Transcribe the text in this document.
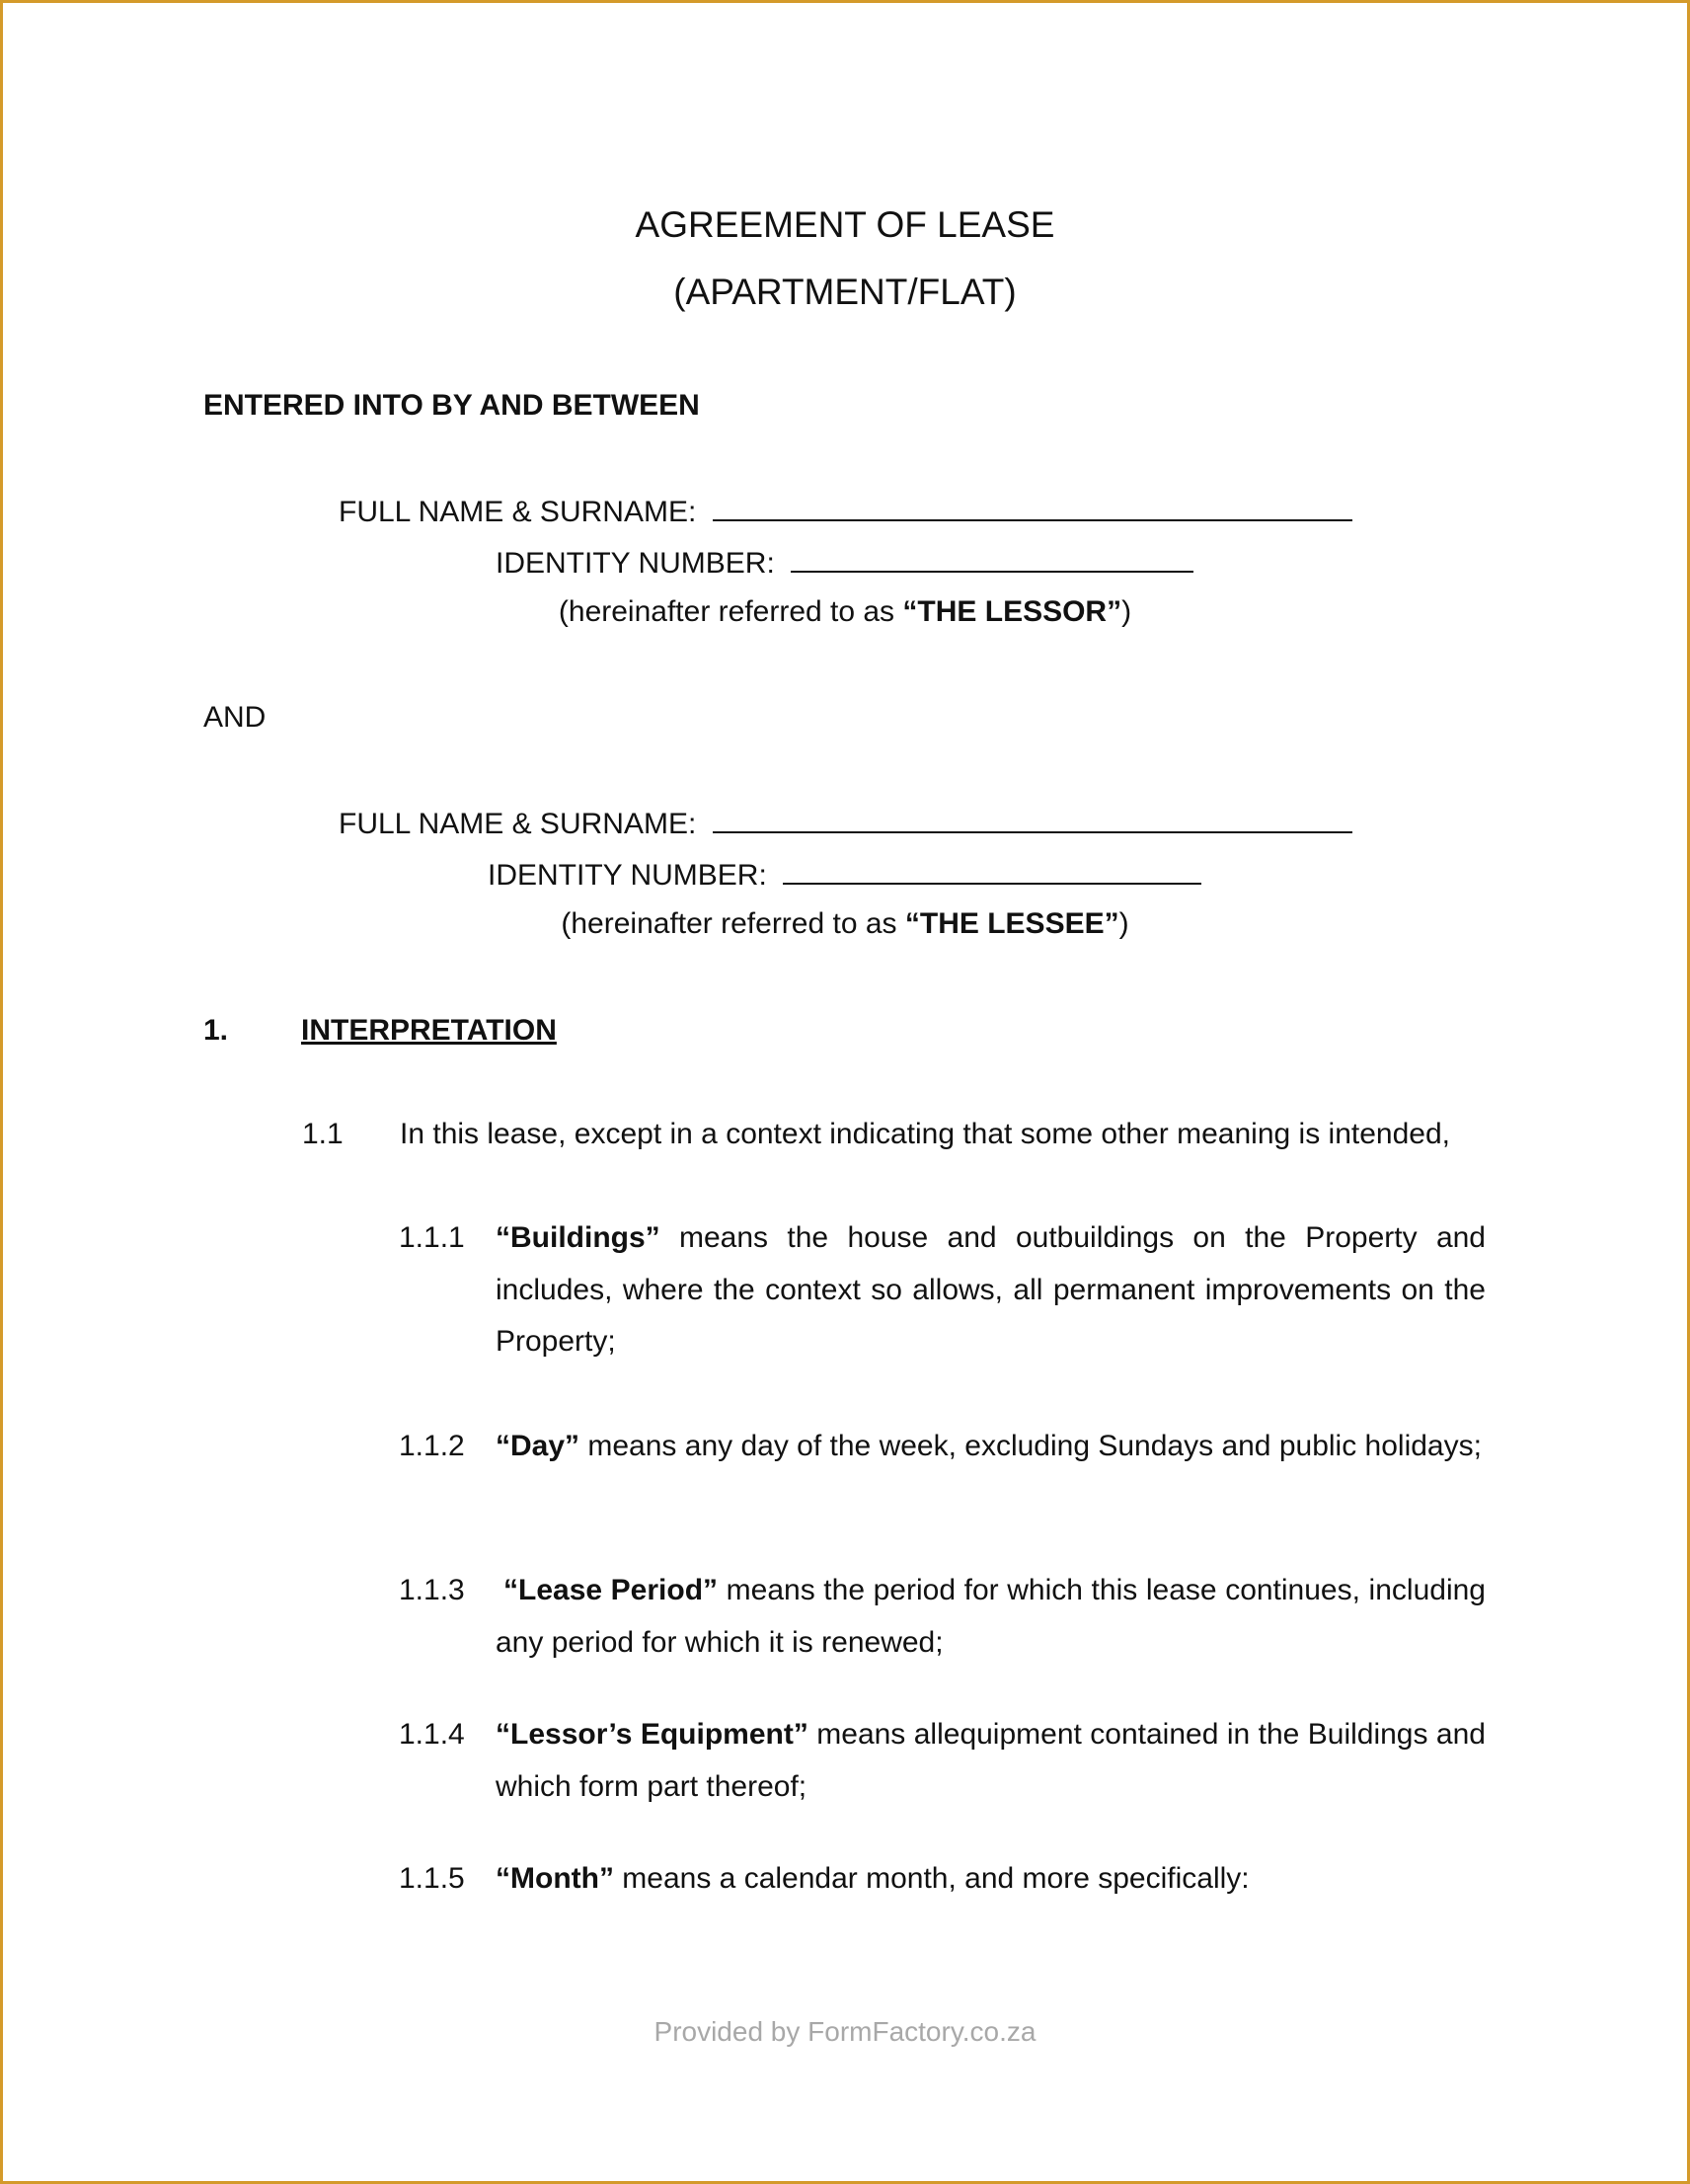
AGREEMENT OF LEASE
(APARTMENT/FLAT)
ENTERED INTO BY AND BETWEEN
FULL NAME & SURNAME:
IDENTITY NUMBER:
(hereinafter referred to as “THE LESSOR”)
AND
FULL NAME & SURNAME:
IDENTITY NUMBER:
(hereinafter referred to as “THE LESSEE”)
1. INTERPRETATION
1.1 In this lease, except in a context indicating that some other meaning is intended,
1.1.1 “Buildings” means the house and outbuildings on the Property and includes, where the context so allows, all permanent improvements on the Property;

1.1.2 “Day” means any day of the week, excluding Sundays and public holidays;

1.1.3 “Lease Period” means the period for which this lease continues, including any period for which it is renewed;

1.1.4 “Lessor’s Equipment” means allequipment contained in the Buildings and which form part thereof;

1.1.5 “Month” means a calendar month, and more specifically:

Provided by FormFactory.co.za
